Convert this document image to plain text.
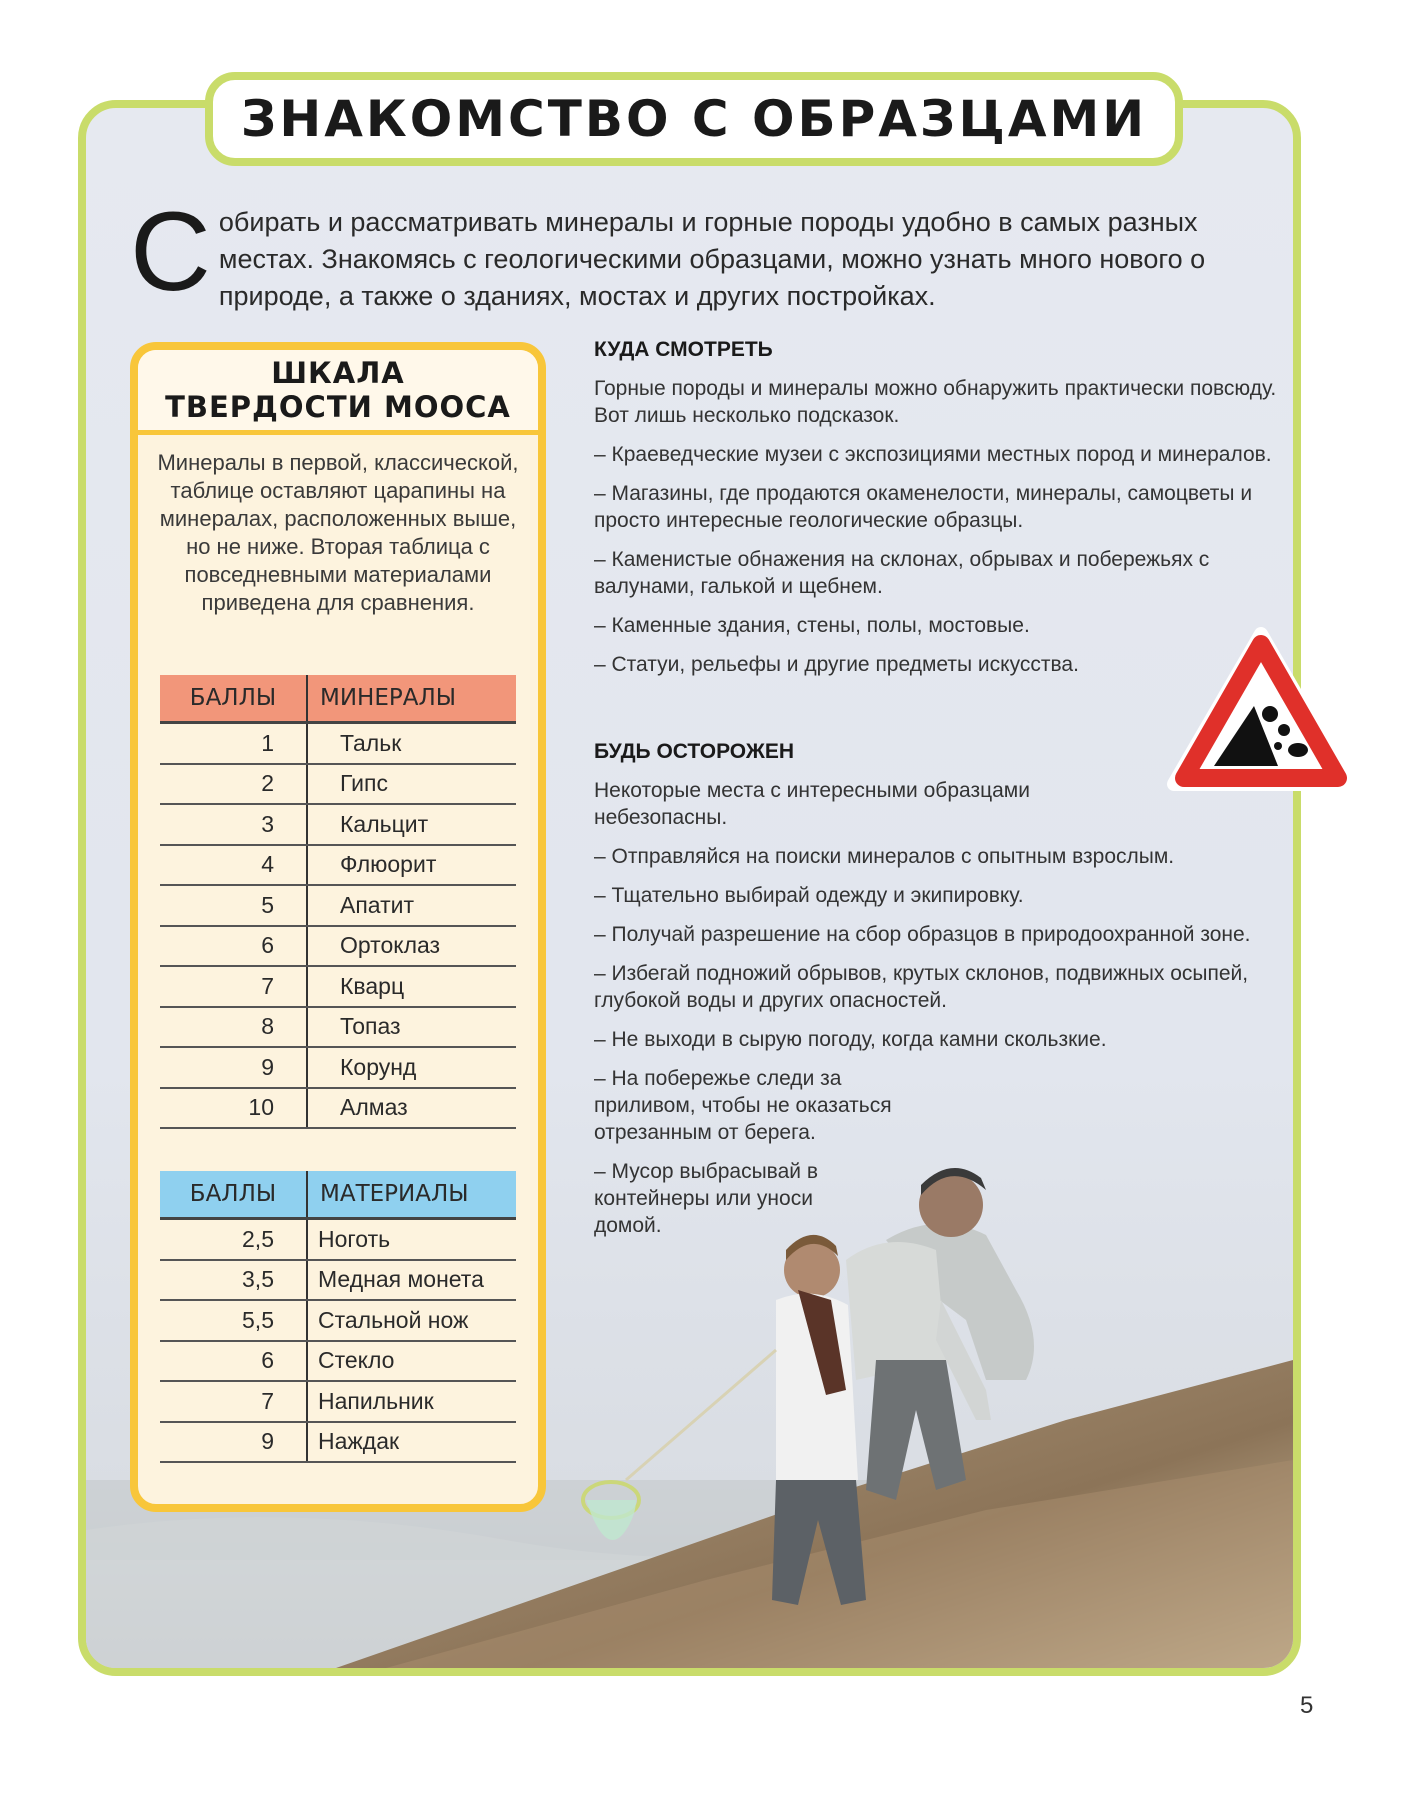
ЗНАКОМСТВО С ОБРАЗЦАМИ
Собирать и рассматривать минералы и горные породы удобно в самых разных местах. Знакомясь с геологическими образцами, можно узнать много нового о природе, а также о зданиях, мостах и других постройках.
ШКАЛА
ТВЕРДОСТИ МООСА
Минералы в первой, классической, таблице оставляют царапины на минералах, расположенных выше, но не ниже. Вторая таблица с повседневными материалами приведена для сравнения.
БАЛЛЫ	МИНЕРАЛЫ
1	Тальк
2	Гипс
3	Кальцит
4	Флюорит
5	Апатит
6	Ортоклаз
7	Кварц
8	Топаз
9	Корунд
10	Алмаз
БАЛЛЫ	МАТЕРИАЛЫ
2,5	Ноготь
3,5	Медная монета
5,5	Стальной нож
6	Стекло
7	Напильник
9	Наждак
КУДА СМОТРЕТЬ

Горные породы и минералы можно обнаружить практически повсюду. Вот лишь несколько подсказок.

– Краеведческие музеи с экспозициями местных пород и минералов.

– Магазины, где продаются окаменелости, минералы, самоцветы и просто интересные геологические образцы.

– Каменистые обнажения на склонах, обрывах и побережьях с валунами, галькой и щебнем.

– Каменные здания, стены, полы, мостовые.

– Статуи, рельефы и другие предметы искусства.

БУДЬ ОСТОРОЖЕН

Некоторые места с интересными образцами небезопасны.

– Отправляйся на поиски минералов с опытным взрослым.

– Тщательно выбирай одежду и экипировку.

– Получай разрешение на сбор образцов в природоохранной зоне.

– Избегай подножий обрывов, крутых склонов, подвижных осыпей, глубокой воды и других опасностей.

– Не выходи в сырую погоду, когда камни скользкие.

– На побережье следи за приливом, чтобы не оказаться отрезанным от берега.

– Мусор выбрасывай в контейнеры или уноси домой.

5
